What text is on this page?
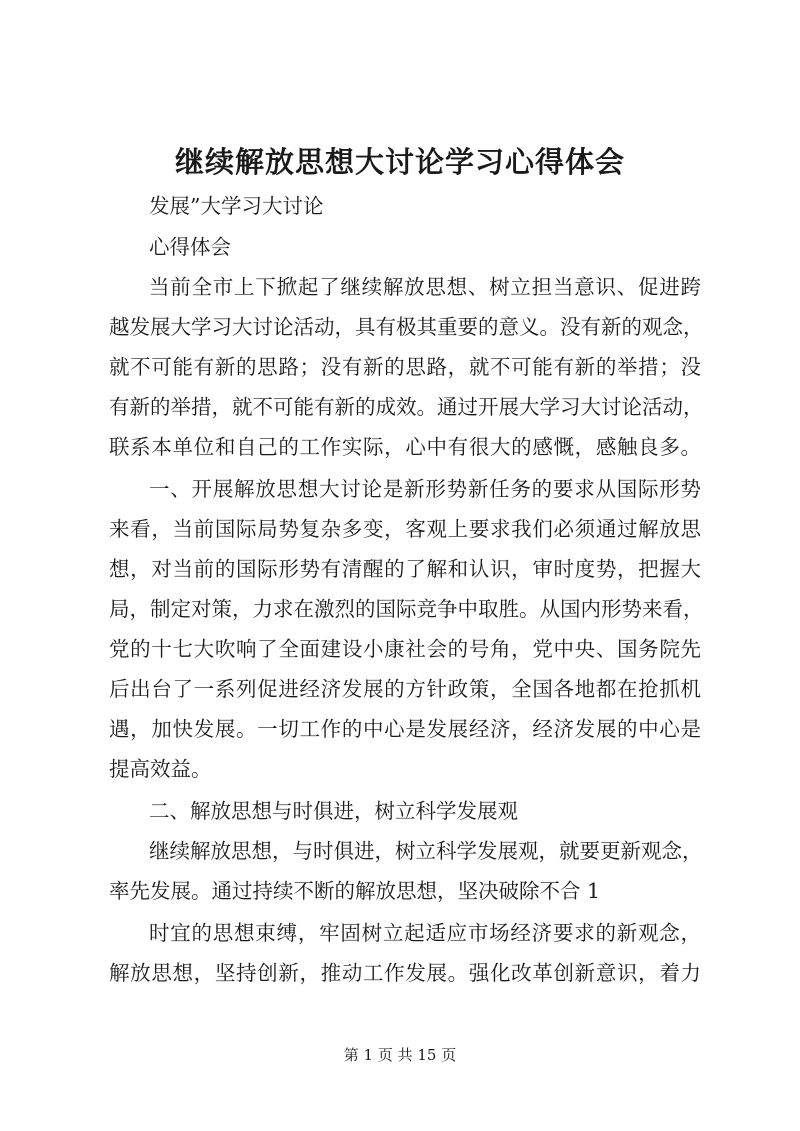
继续解放思想大讨论学习心得体会

发展”大学习大讨论

心得体会

当前全市上下掀起了继续解放思想、树立担当意识、促进跨

越发展大学习大讨论活动，具有极其重要的意义。没有新的观念，

就不可能有新的思路；没有新的思路，就不可能有新的举措；没

有新的举措，就不可能有新的成效。通过开展大学习大讨论活动，

联系本单位和自己的工作实际，心中有很大的感慨，感触良多。

一、开展解放思想大讨论是新形势新任务的要求从国际形势

来看，当前国际局势复杂多变，客观上要求我们必须通过解放思

想，对当前的国际形势有清醒的了解和认识，审时度势，把握大

局，制定对策，力求在激烈的国际竞争中取胜。从国内形势来看，

党的十七大吹响了全面建设小康社会的号角，党中央、国务院先

后出台了一系列促进经济发展的方针政策，全国各地都在抢抓机

遇，加快发展。一切工作的中心是发展经济，经济发展的中心是

提高效益。

二、解放思想与时俱进，树立科学发展观

继续解放思想，与时俱进，树立科学发展观，就要更新观念，

率先发展。通过持续不断的解放思想，坚决破除不合 1

时宜的思想束缚，牢固树立起适应市场经济要求的新观念，

解放思想，坚持创新，推动工作发展。强化改革创新意识，着力

第 1 页 共 15 页
